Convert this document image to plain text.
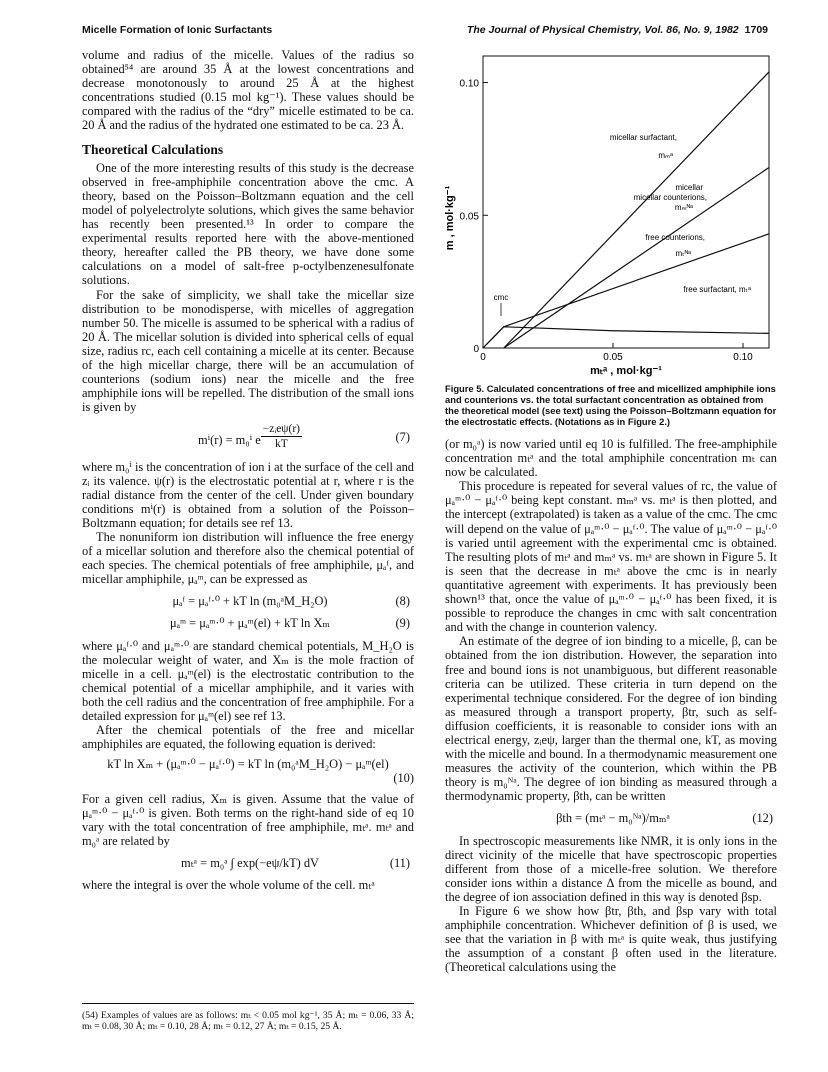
Micelle Formation of Ionic Surfactants	The Journal of Physical Chemistry, Vol. 86, No. 9, 1982 1709

volume and radius of the micelle. Values of the radius so obtained⁵⁴ are around 35 Å at the lowest concentrations and decrease monotonously to around 25 Å at the highest concentrations studied (0.15 mol kg⁻¹). These values should be compared with the radius of the “dry” micelle estimated to be ca. 20 Å and the radius of the hydrated one estimated to be ca. 23 Å.

Theoretical Calculations

One of the more interesting results of this study is the decrease observed in free-amphiphile concentration above the cmc. A theory, based on the Poisson–Boltzmann equation and the cell model of polyelectrolyte solutions, which gives the same behavior has recently been presented.¹³ In order to compare the experimental results reported here with the above-mentioned theory, hereafter called the PB theory, we have done some calculations on a model of salt-free p-octylbenzenesulfonate solutions.

For the sake of simplicity, we shall take the micellar size distribution to be monodisperse, with micelles of aggregation number 50. The micelle is assumed to be spherical with a radius of 20 Å. The micellar solution is divided into spherical cells of equal size, radius rc, each cell containing a micelle at its center. Because of the high micellar charge, there will be an accumulation of counterions (sodium ions) near the micelle and the free amphiphile ions will be repelled. The distribution of the small ions is given by

mⁱ(r) = m₀ⁱ e $^{\frac{\text{−zᵢeψ(r)}}{kT}}$	(7)

where m₀ⁱ is the concentration of ion i at the surface of the cell and zᵢ its valence. ψ(r) is the electrostatic potential at r, where r is the radial distance from the center of the cell. Under given boundary conditions mⁱ(r) is obtained from a solution of the Poisson–Boltzmann equation; for details see ref 13.

The nonuniform ion distribution will influence the free energy of a micellar solution and therefore also the chemical potential of each species. The chemical potentials of free amphiphile, μₐᶠ, and micellar amphiphile, μₐᵐ, can be expressed as

μₐᶠ = μₐᶠ·⁰ + kT ln (m₀ᵃM_H₂O)	(8)
μₐᵐ = μₐᵐ·⁰ + μₐᵐ(el) + kT ln Xₘ	(9)

where μₐᶠ·⁰ and μₐᵐ·⁰ are standard chemical potentials, M_H₂O is the molecular weight of water, and Xₘ is the mole fraction of micelle in a cell. μₐᵐ(el) is the electrostatic contribution to the chemical potential of a micellar amphiphile, and it varies with both the cell radius and the concentration of free amphiphile. For a detailed expression for μₐᵐ(el) see ref 13.

After the chemical potentials of the free and micellar amphiphiles are equated, the following equation is derived:

kT ln Xₘ + (μₐᵐ·⁰ − μₐᶠ·⁰) = kT ln (m₀ᵃM_H₂O) − μₐᵐ(el)
(10)

For a given cell radius, Xₘ is given. Assume that the value of μₐᵐ·⁰ − μₐᶠ·⁰ is given. Both terms on the right-hand side of eq 10 vary with the total concentration of free amphiphile, mₜᵃ. mₜᵃ and m₀ᵃ are related by

mₜᵃ = m₀ᵃ ∫ exp(−eψ/kT) dV	(11)

where the integral is over the whole volume of the cell. mₜᵃ

(54) Examples of values are as follows: mₜ < 0.05 mol kg⁻¹, 35 Å; mₜ = 0.06, 33 Å; mₜ = 0.08, 30 Å; mₜ = 0.10, 28 Å; mₜ = 0.12, 27 Å; mₜ = 0.15, 25 Å.
0
0
0.05
0.05
0.10
0.10
m , mol·kg⁻¹
mₜᵃ , mol·kg⁻¹
micellar surfactant,
mₘᵃ
micellar
micellar counterions,
mₘᴺᵃ
free counterions,
mₜᴺᵃ
free surfactant, mₜᵃ
cmc
Figure 5. Calculated concentrations of free and micellized amphiphile ions and counterions vs. the total surfactant concentration as obtained from the theoretical model (see text) using the Poisson–Boltzmann equation for the electrostatic effects. (Notations as in Figure 2.)

(or m₀ᵃ) is now varied until eq 10 is fulfilled. The free-amphiphile concentration mₜᵃ and the total amphiphile concentration mₜ can now be calculated.

This procedure is repeated for several values of rc, the value of μₐᵐ·⁰ − μₐᶠ·⁰ being kept constant. mₘᵃ vs. mₜᵃ is then plotted, and the intercept (extrapolated) is taken as a value of the cmc. The cmc will depend on the value of μₐᵐ·⁰ − μₐᶠ·⁰. The value of μₐᵐ·⁰ − μₐᶠ·⁰ is varied until agreement with the experimental cmc is obtained. The resulting plots of mₜᵃ and mₘᵃ vs. mₜᵃ are shown in Figure 5. It is seen that the decrease in mₜᵃ above the cmc is in nearly quantitative agreement with experiments. It has previously been shown¹³ that, once the value of μₐᵐ·⁰ − μₐᶠ·⁰ has been fixed, it is possible to reproduce the changes in cmc with salt concentration and with the change in counterion valency.

An estimate of the degree of ion binding to a micelle, β, can be obtained from the ion distribution. However, the separation into free and bound ions is not unambiguous, but different reasonable criteria can be utilized. These criteria in turn depend on the experimental technique considered. For the degree of ion binding as measured through a transport property, βtr, such as self-diffusion coefficients, it is reasonable to consider ions with an electrical energy, zᵢeψ, larger than the thermal one, kT, as moving with the micelle and bound. In a thermodynamic measurement one measures the activity of the counterion, which within the PB theory is m₀ᴺᵃ. The degree of ion binding as measured through a thermodynamic property, βth, can be written

βth = (mₜᵃ − m₀ᴺᵃ)/mₘᵃ	(12)

In spectroscopic measurements like NMR, it is only ions in the direct vicinity of the micelle that have spectroscopic properties different from those of a micelle-free solution. We therefore consider ions within a distance Δ from the micelle as bound, and the degree of ion association defined in this way is denoted βsp.

In Figure 6 we show how βtr, βth, and βsp vary with total amphiphile concentration. Whichever definition of β is used, we see that the variation in β with mₜᵃ is quite weak, thus justifying the assumption of a constant β often used in the literature. (Theoretical calculations using the
